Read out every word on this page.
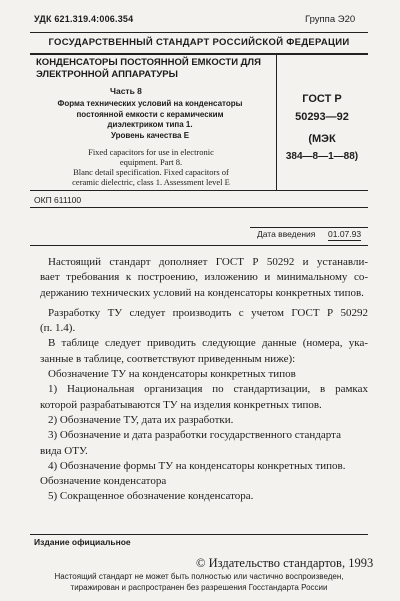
УДК 621.319.4:006.354	Группа Э20
ГОСУДАРСТВЕННЫЙ СТАНДАРТ РОССИЙСКОЙ ФЕДЕРАЦИИ
КОНДЕНСАТОРЫ ПОСТОЯННОЙ ЕМКОСТИ ДЛЯ
ЭЛЕКТРОННОЙ АППАРАТУРЫ
Часть 8
Форма технических условий на конденсаторы
постоянной емкости с керамическим
диэлектриком типа 1.
Уровень качества Е
Fixed capacitors for use in electronic
equipment. Part 8.
Blanc detail specification. Fixed capacitors of
ceramic dielectric, class 1. Assessment level E
ОКП 611100
ГОСТ Р
50293—92
(МЭК
384—8—1—88)
Дата введения 01.07.93
Настоящий стандарт дополняет ГОСТ Р 50292 и устанавли-
вает требования к построению, изложению и минимальному со-
держанию технических условий на конденсаторы конкретных типов.
Разработку ТУ следует производить с учетом ГОСТ Р 50292
(п. 1.4).
В таблице следует приводить следующие данные (номера, ука-
занные в таблице, соответствуют приведенным ниже):
Обозначение ТУ на конденсаторы конкретных типов
1) Национальная организация по стандартизации, в рамках
которой разрабатываются ТУ на изделия конкретных типов.
2) Обозначение ТУ, дата их разработки.
3) Обозначение и дата разработки государственного стандарта
вида ОТУ.
4) Обозначение формы ТУ на конденсаторы конкретных типов.
Обозначение конденсатора
5) Сокращенное обозначение конденсатора.
Издание официальное
© Издательство стандартов, 1993
Настоящий стандарт не может быть полностью или частично воспроизведен,
тиражирован и распространен без разрешения Госстандарта России
